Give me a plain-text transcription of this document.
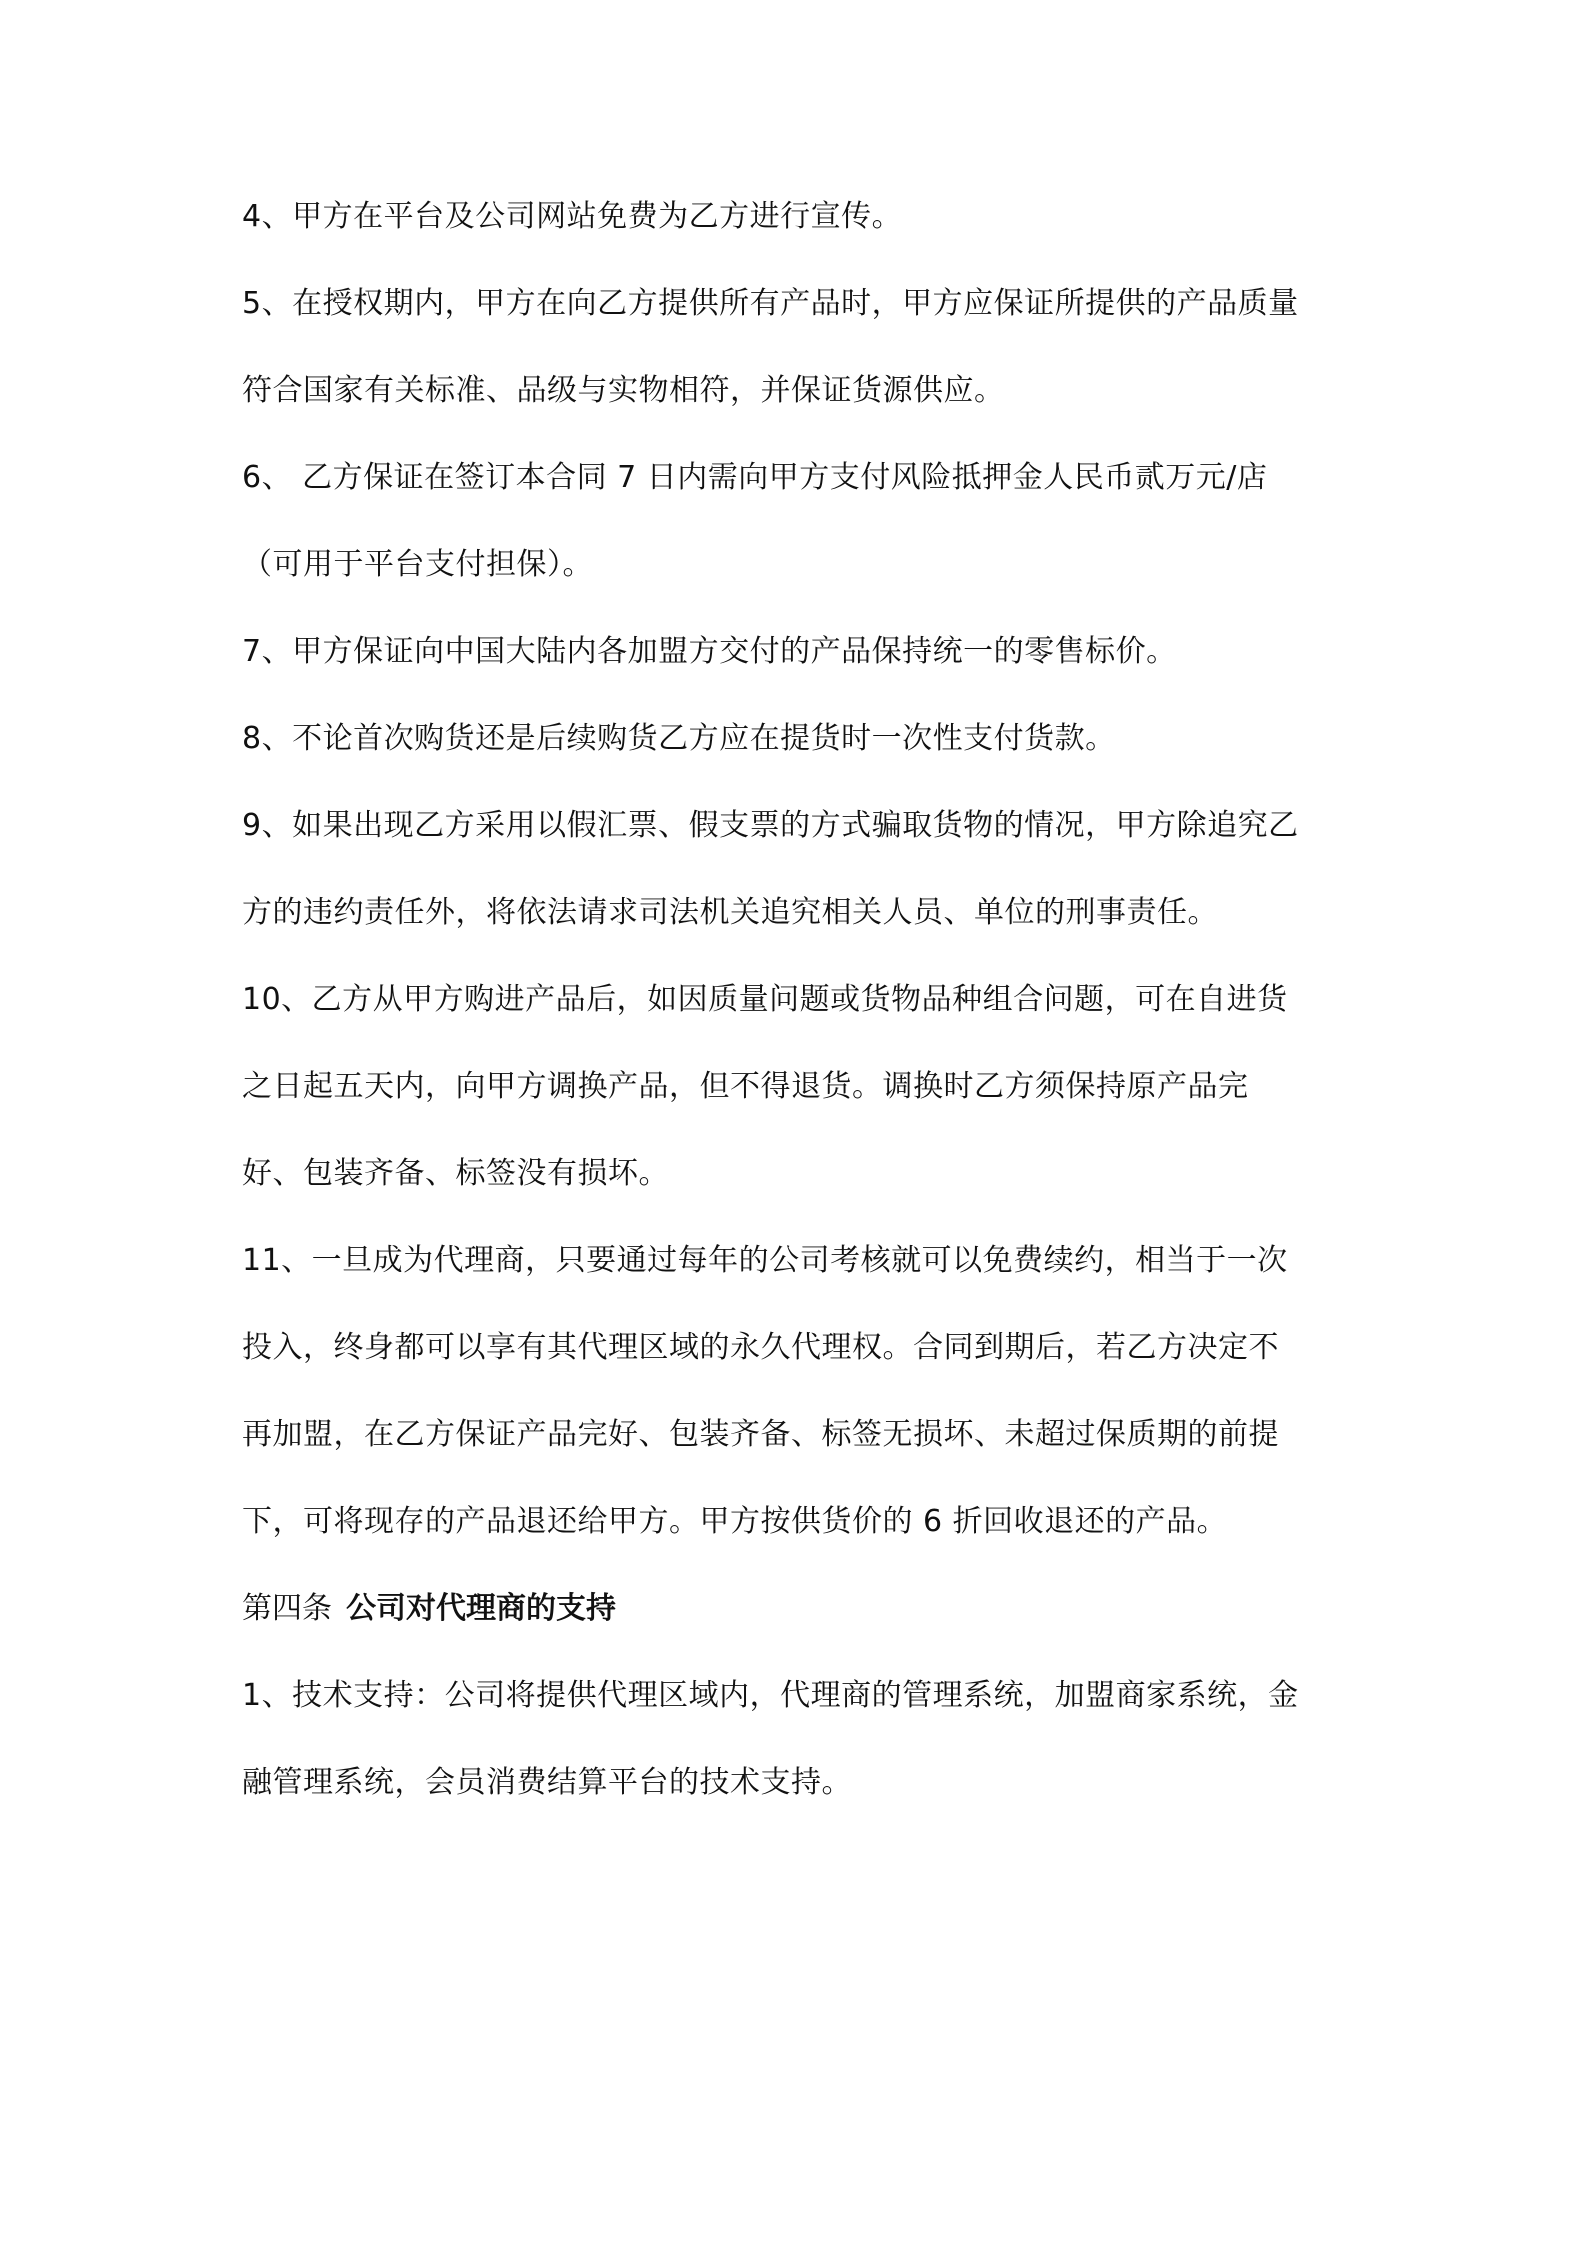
4、甲方在平台及公司网站免费为乙方进行宣传。
5、在授权期内，甲方在向乙方提供所有产品时，甲方应保证所提供的产品质量
符合国家有关标准、品级与实物相符，并保证货源供应。
6、 乙方保证在签订本合同 7 日内需向甲方支付风险抵押金人民币贰万元/店
（可用于平台支付担保）。
7、甲方保证向中国大陆内各加盟方交付的产品保持统一的零售标价。
8、不论首次购货还是后续购货乙方应在提货时一次性支付货款。
9、如果出现乙方采用以假汇票、假支票的方式骗取货物的情况，甲方除追究乙
方的违约责任外，将依法请求司法机关追究相关人员、单位的刑事责任。
10、乙方从甲方购进产品后，如因质量问题或货物品种组合问题，可在自进货
之日起五天内，向甲方调换产品，但不得退货。调换时乙方须保持原产品完
好、包装齐备、标签没有损坏。
11、一旦成为代理商，只要通过每年的公司考核就可以免费续约，相当于一次
投入，终身都可以享有其代理区域的永久代理权。合同到期后，若乙方决定不
再加盟，在乙方保证产品完好、包装齐备、标签无损坏、未超过保质期的前提
下，可将现存的产品退还给甲方。甲方按供货价的 6 折回收退还的产品。
第四条 公司对代理商的支持
1、技术支持：公司将提供代理区域内，代理商的管理系统，加盟商家系统，金
融管理系统，会员消费结算平台的技术支持。
